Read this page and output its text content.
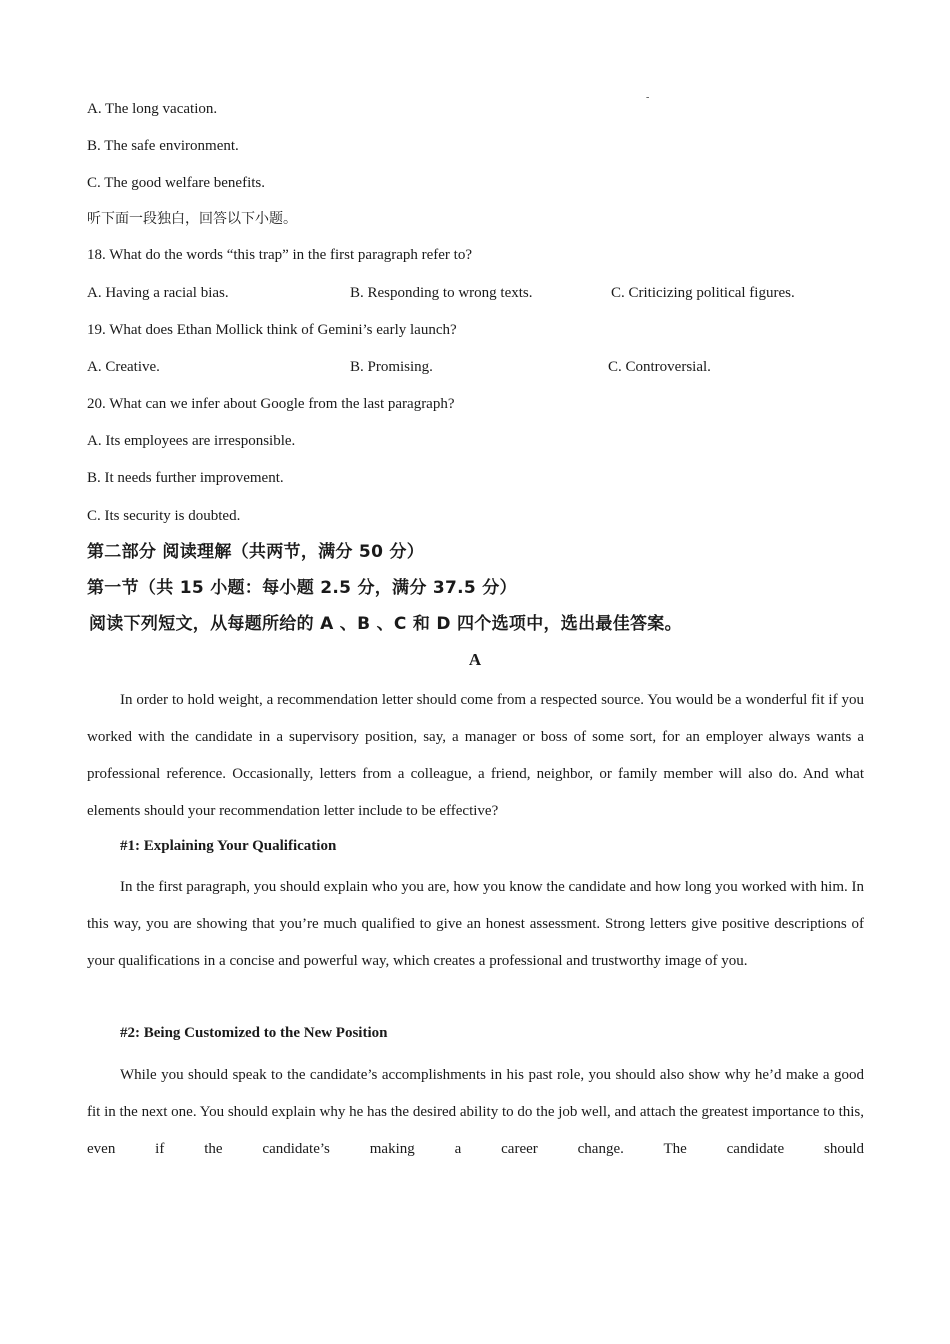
-
A. The long vacation.
B. The safe environment.
C. The good welfare benefits.
听下面一段独白，回答以下小题。
18. What do the words “this trap” in the first paragraph refer to?
A. Having a racial bias.	B. Responding to wrong texts.	C. Criticizing political figures.
19. What does Ethan Mollick think of Gemini’s early launch?
A. Creative.	B. Promising.	C. Controversial.
20. What can we infer about Google from the last paragraph?
A. Its employees are irresponsible.
B. It needs further improvement.
C. Its security is doubted.
第二部分 阅读理解（共两节，满分 50 分）
第一节（共 15 小题：每小题 2.5 分，满分 37.5 分）
阅读下列短文，从每题所给的 A 、B 、C 和 D 四个选项中，选出最佳答案。
A
In order to hold weight, a recommendation letter should come from a respected source. You would be a wonderful fit if you worked with the candidate in a supervisory position, say, a manager or boss of some sort, for an employer always wants a professional reference. Occasionally, letters from a colleague, a friend, neighbor, or family member will also do. And what elements should your recommendation letter include to be effective?
#1: Explaining Your Qualification
In the first paragraph, you should explain who you are, how you know the candidate and how long you worked with him. In this way, you are showing that you’re much qualified to give an honest assessment. Strong letters give positive descriptions of your qualifications in a concise and powerful way, which creates a professional and trustworthy image of you.
#2: Being Customized to the New Position
While you should speak to the candidate’s accomplishments in his past role, you should also show why he’d make a good fit in the next one. You should explain why he has the desired ability to do the job well, and attach the greatest importance to this, even if the candidate’s making a career change. The candidate should
